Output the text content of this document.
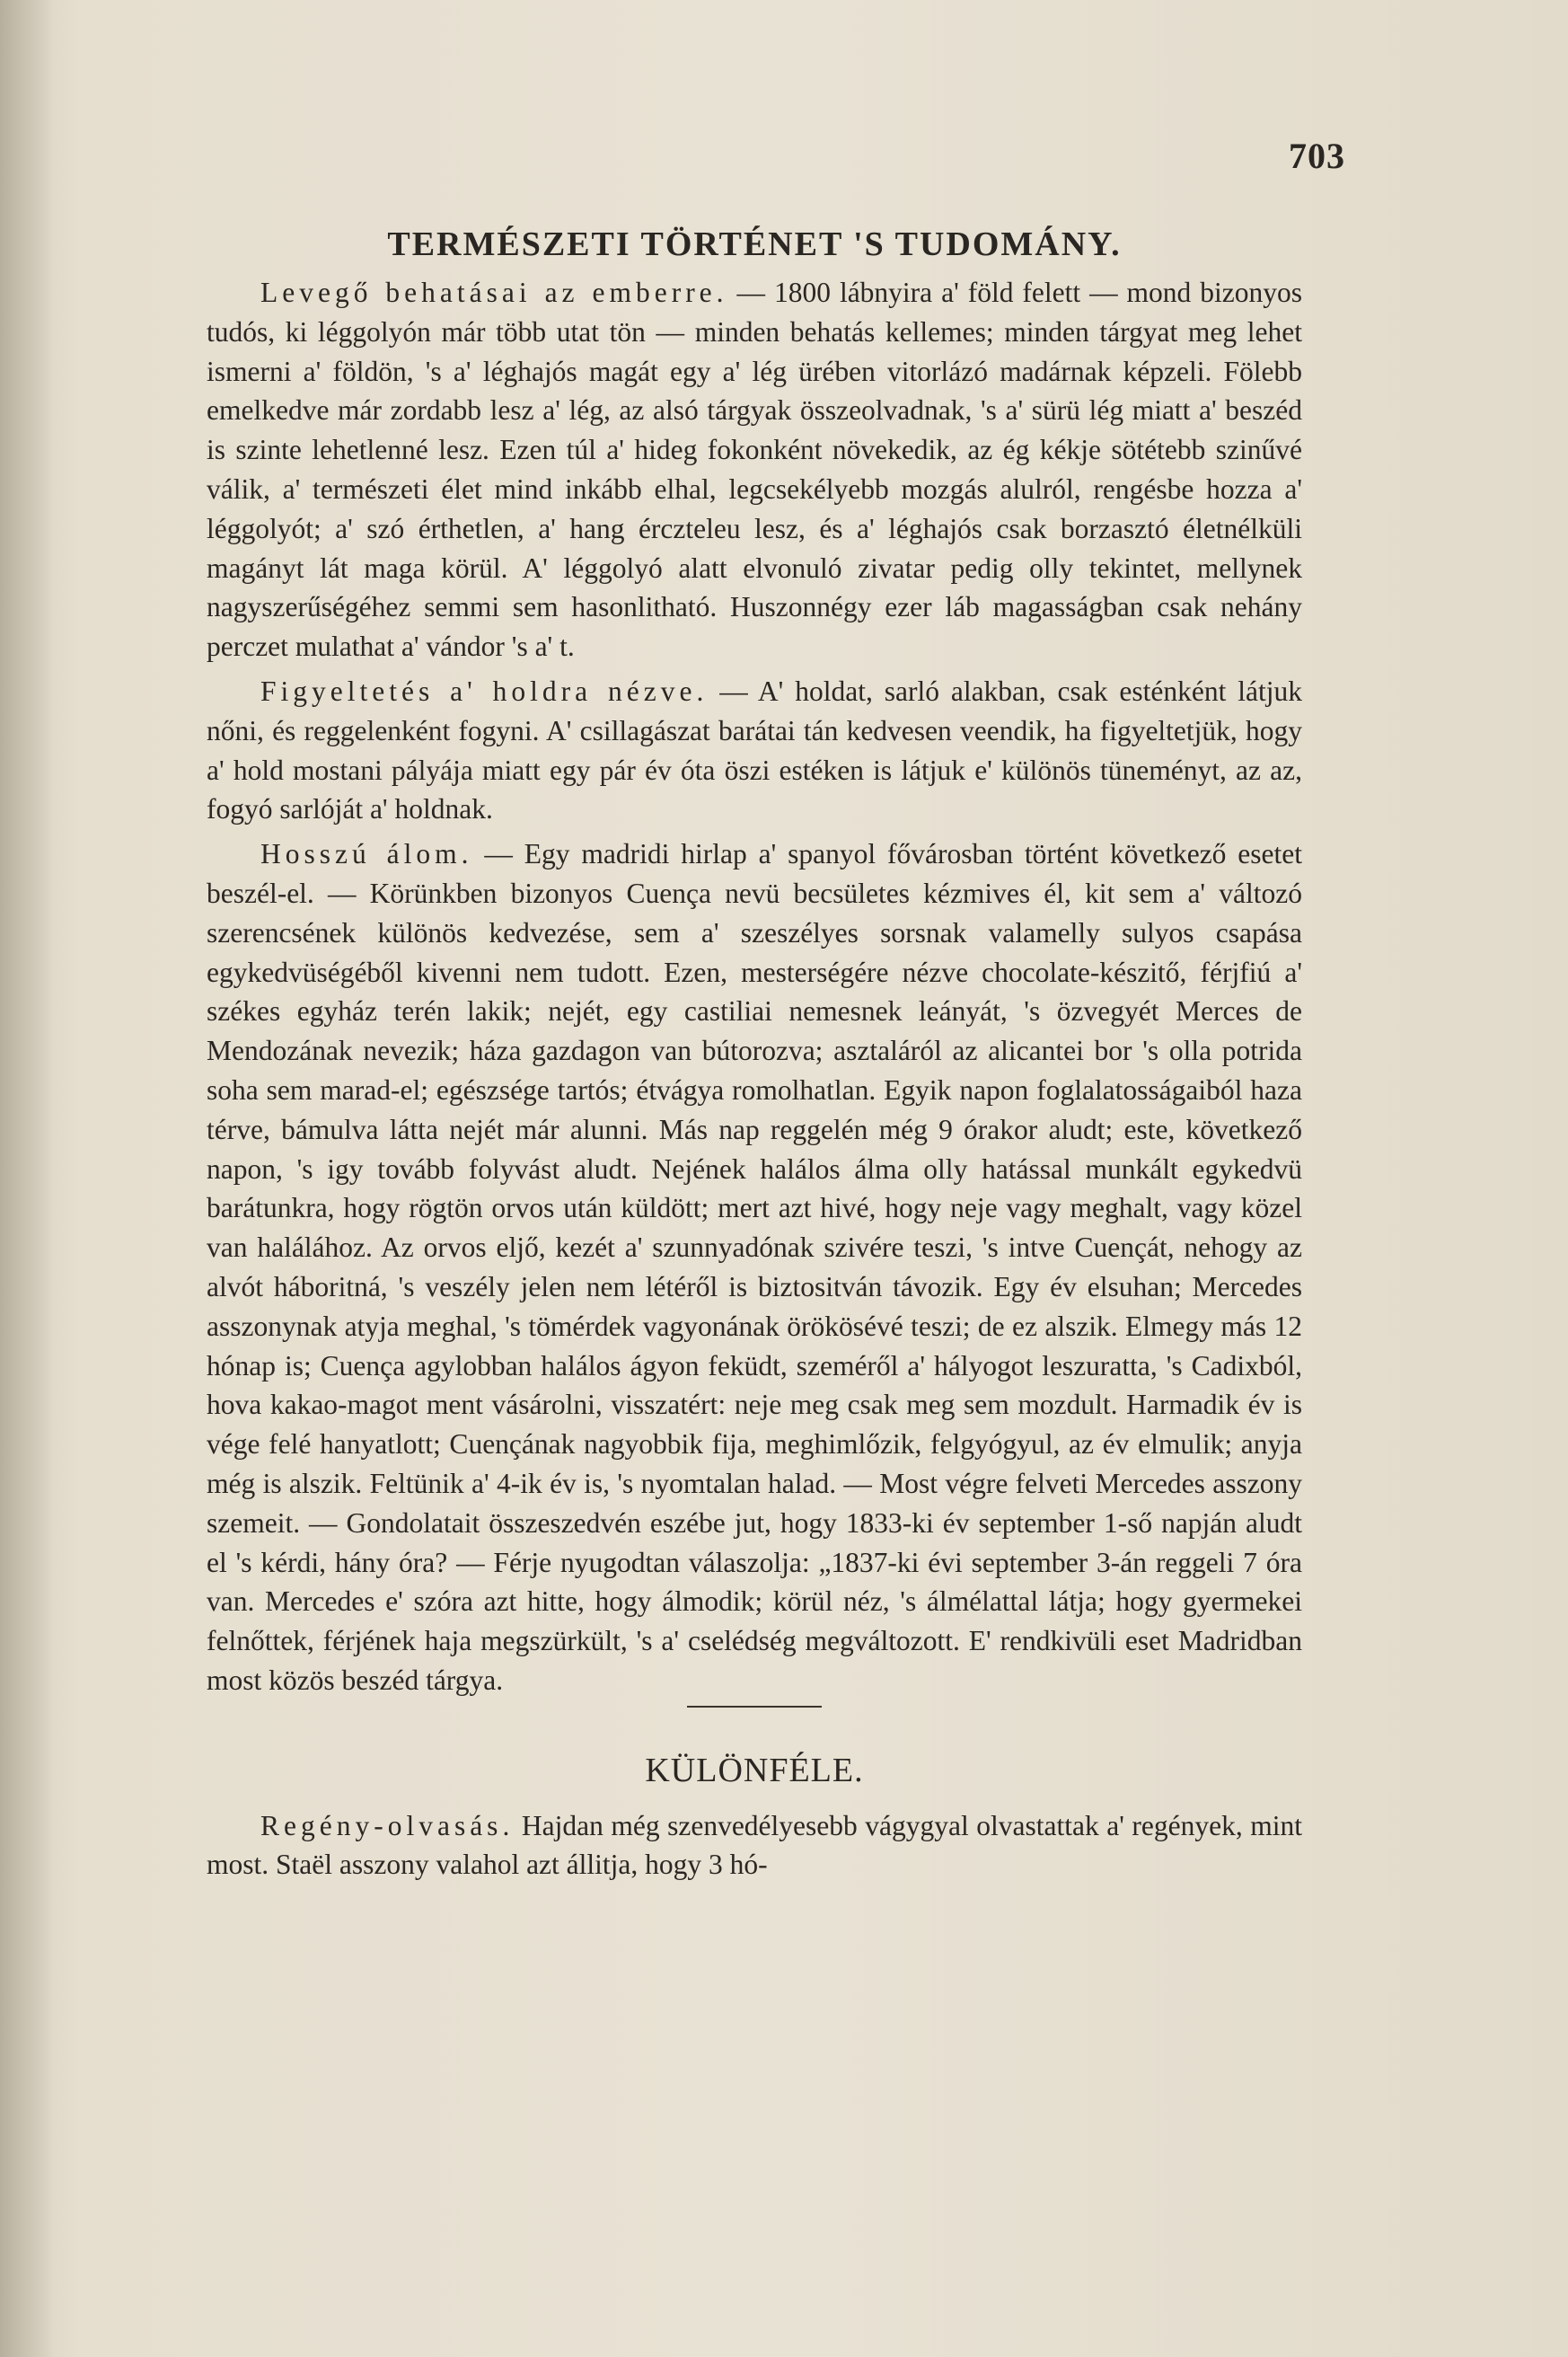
703
TERMÉSZETI TÖRTÉNET 'S TUDOMÁNY.

Levegő behatásai az emberre. — 1800 lábnyira a' föld felett — mond bizonyos tudós, ki léggolyón már több utat tön — minden behatás kellemes; minden tárgyat meg lehet ismerni a' földön, 's a' léghajós magát egy a' lég ürében vitorlázó madárnak képzeli. Fölebb emelkedve már zordabb lesz a' lég, az alsó tárgyak összeolvadnak, 's a' sürü lég miatt a' beszéd is szinte lehetlenné lesz. Ezen túl a' hideg fokonként növekedik, az ég kékje sötétebb szinűvé válik, a' természeti élet mind inkább elhal, legcsekélyebb mozgás alulról, rengésbe hozza a' léggolyót; a' szó érthetlen, a' hang érczteleu lesz, és a' léghajós csak borzasztó életnélküli magányt lát maga körül. A' léggolyó alatt elvonuló zivatar pedig olly tekintet, mellynek nagyszerűségéhez semmi sem hasonlitható. Huszonnégy ezer láb magasságban csak nehány perczet mulathat a' vándor 's a' t.

Figyeltetés a' holdra nézve. — A' holdat, sarló alakban, csak esténként látjuk nőni, és reggelenként fogyni. A' csillagászat barátai tán kedvesen veendik, ha figyeltetjük, hogy a' hold mostani pályája miatt egy pár év óta öszi estéken is látjuk e' különös tüneményt, az az, fogyó sarlóját a' holdnak.

Hosszú álom. — Egy madridi hirlap a' spanyol fővárosban történt következő esetet beszél-el. — Körünkben bizonyos Cuença nevü becsületes kézmives él, kit sem a' változó szerencsének különös kedvezése, sem a' szeszélyes sorsnak valamelly sulyos csapása egykedvüségéből kivenni nem tudott. Ezen, mesterségére nézve chocolate-készitő, férjfiú a' székes egyház terén lakik; nejét, egy castiliai nemesnek leányát, 's özvegyét Merces de Mendozának nevezik; háza gazdagon van bútorozva; asztaláról az alicantei bor 's olla potrida soha sem marad-el; egészsége tartós; étvágya romolhatlan. Egyik napon foglalatosságaiból haza térve, bámulva látta nejét már alunni. Más nap reggelén még 9 órakor aludt; este, következő napon, 's igy tovább folyvást aludt. Nejének halálos álma olly hatással munkált egykedvü barátunkra, hogy rögtön orvos után küldött; mert azt hivé, hogy neje vagy meghalt, vagy közel van halálához. Az orvos eljő, kezét a' szunnyadónak szivére teszi, 's intve Cuençát, nehogy az alvót háboritná, 's veszély jelen nem létéről is biztositván távozik. Egy év elsuhan; Mercedes asszonynak atyja meghal, 's tömérdek vagyonának örökösévé teszi; de ez alszik. Elmegy más 12 hónap is; Cuença agylobban halálos ágyon feküdt, szeméről a' hályogot leszuratta, 's Cadixból, hova kakao-magot ment vásárolni, visszatért: neje meg csak meg sem mozdult. Harmadik év is vége felé hanyatlott; Cuençának nagyobbik fija, meghimlőzik, felgyógyul, az év elmulik; anyja még is alszik. Feltünik a' 4-ik év is, 's nyomtalan halad. — Most végre felveti Mercedes asszony szemeit. — Gondolatait összeszedvén eszébe jut, hogy 1833-ki év september 1-ső napján aludt el 's kérdi, hány óra? — Férje nyugodtan válaszolja: „1837-ki évi september 3-án reggeli 7 óra van. Mercedes e' szóra azt hitte, hogy álmodik; körül néz, 's álmélattal látja; hogy gyermekei felnőttek, férjének haja megszürkült, 's a' cselédség megváltozott. E' rendkivüli eset Madridban most közös beszéd tárgya.

KÜLÖNFÉLE.

Regény-olvasás. Hajdan még szenvedélyesebb vágygyal olvastattak a' regények, mint most. Staël asszony valahol azt állitja, hogy 3 hó-
